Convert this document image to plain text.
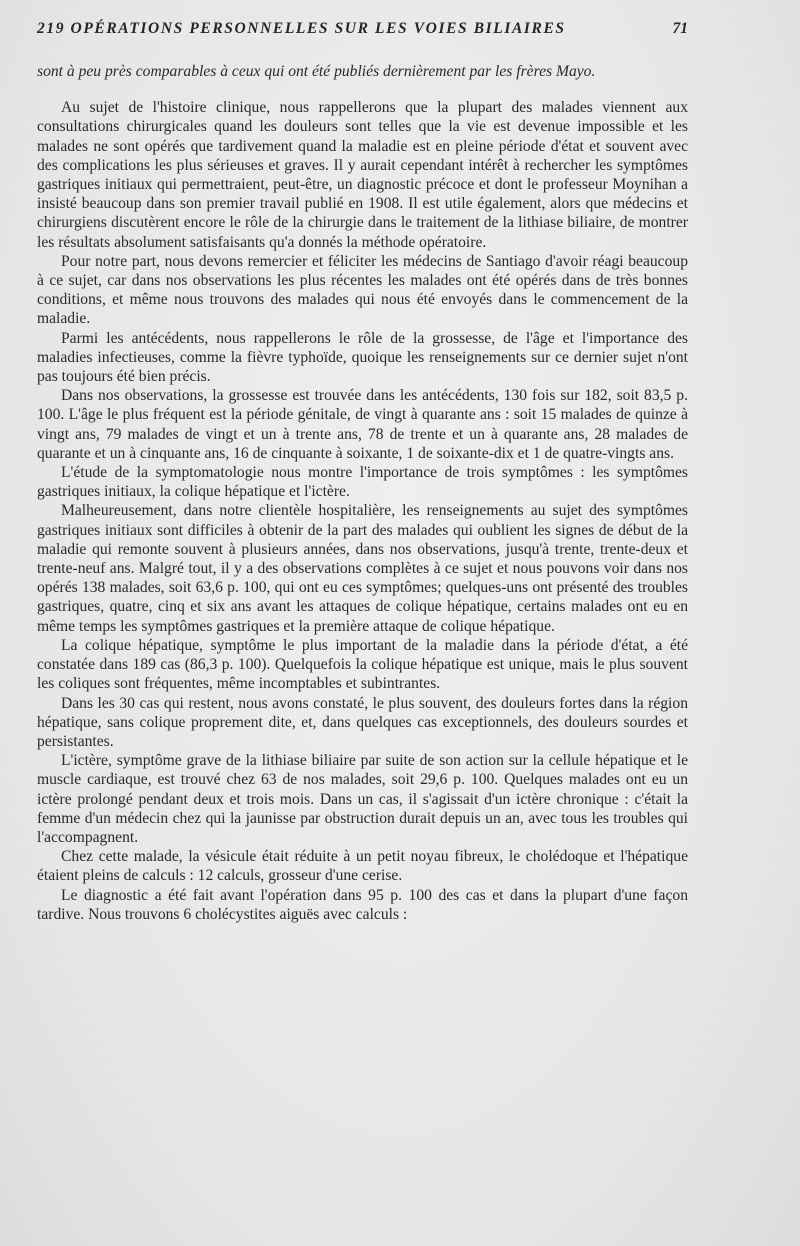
219 OPÉRATIONS PERSONNELLES SUR LES VOIES BILIAIRES	71

sont à peu près comparables à ceux qui ont été publiés dernièrement par les frères Mayo.

Au sujet de l'histoire clinique, nous rappellerons que la plupart des malades viennent aux consultations chirurgicales quand les douleurs sont telles que la vie est devenue impossible et les malades ne sont opérés que tardivement quand la maladie est en pleine période d'état et souvent avec des complications les plus sérieuses et graves. Il y aurait cependant intérêt à rechercher les symptômes gastriques initiaux qui permettraient, peut-être, un diagnostic précoce et dont le professeur Moynihan a insisté beaucoup dans son premier travail publié en 1908. Il est utile également, alors que médecins et chirurgiens discutèrent encore le rôle de la chirurgie dans le traitement de la lithiase biliaire, de montrer les résultats absolument satisfaisants qu'a donnés la méthode opératoire.

Pour notre part, nous devons remercier et féliciter les médecins de Santiago d'avoir réagi beaucoup à ce sujet, car dans nos observations les plus récentes les malades ont été opérés dans de très bonnes conditions, et même nous trouvons des malades qui nous été envoyés dans le commencement de la maladie.

Parmi les antécédents, nous rappellerons le rôle de la grossesse, de l'âge et l'importance des maladies infectieuses, comme la fièvre typhoïde, quoique les renseignements sur ce dernier sujet n'ont pas toujours été bien précis.

Dans nos observations, la grossesse est trouvée dans les antécédents, 130 fois sur 182, soit 83,5 p. 100. L'âge le plus fréquent est la période génitale, de vingt à quarante ans : soit 15 malades de quinze à vingt ans, 79 malades de vingt et un à trente ans, 78 de trente et un à quarante ans, 28 malades de quarante et un à cinquante ans, 16 de cinquante à soixante, 1 de soixante-dix et 1 de quatre-vingts ans.

L'étude de la symptomatologie nous montre l'importance de trois symptômes : les symptômes gastriques initiaux, la colique hépatique et l'ictère.

Malheureusement, dans notre clientèle hospitalière, les renseignements au sujet des symptômes gastriques initiaux sont difficiles à obtenir de la part des malades qui oublient les signes de début de la maladie qui remonte souvent à plusieurs années, dans nos observations, jusqu'à trente, trente-deux et trente-neuf ans. Malgré tout, il y a des observations complètes à ce sujet et nous pouvons voir dans nos opérés 138 malades, soit 63,6 p. 100, qui ont eu ces symptômes; quelques-uns ont présenté des troubles gastriques, quatre, cinq et six ans avant les attaques de colique hépatique, certains malades ont eu en même temps les symptômes gastriques et la première attaque de colique hépatique.

La colique hépatique, symptôme le plus important de la maladie dans la période d'état, a été constatée dans 189 cas (86,3 p. 100). Quelquefois la colique hépatique est unique, mais le plus souvent les coliques sont fréquentes, même incomptables et subintrantes.

Dans les 30 cas qui restent, nous avons constaté, le plus souvent, des douleurs fortes dans la région hépatique, sans colique proprement dite, et, dans quelques cas exceptionnels, des douleurs sourdes et persistantes.

L'ictère, symptôme grave de la lithiase biliaire par suite de son action sur la cellule hépatique et le muscle cardiaque, est trouvé chez 63 de nos malades, soit 29,6 p. 100. Quelques malades ont eu un ictère prolongé pendant deux et trois mois. Dans un cas, il s'agissait d'un ictère chronique : c'était la femme d'un médecin chez qui la jaunisse par obstruction durait depuis un an, avec tous les troubles qui l'accompagnent.

Chez cette malade, la vésicule était réduite à un petit noyau fibreux, le cholédoque et l'hépatique étaient pleins de calculs : 12 calculs, grosseur d'une cerise.

Le diagnostic a été fait avant l'opération dans 95 p. 100 des cas et dans la plupart d'une façon tardive. Nous trouvons 6 cholécystites aiguës avec calculs :
